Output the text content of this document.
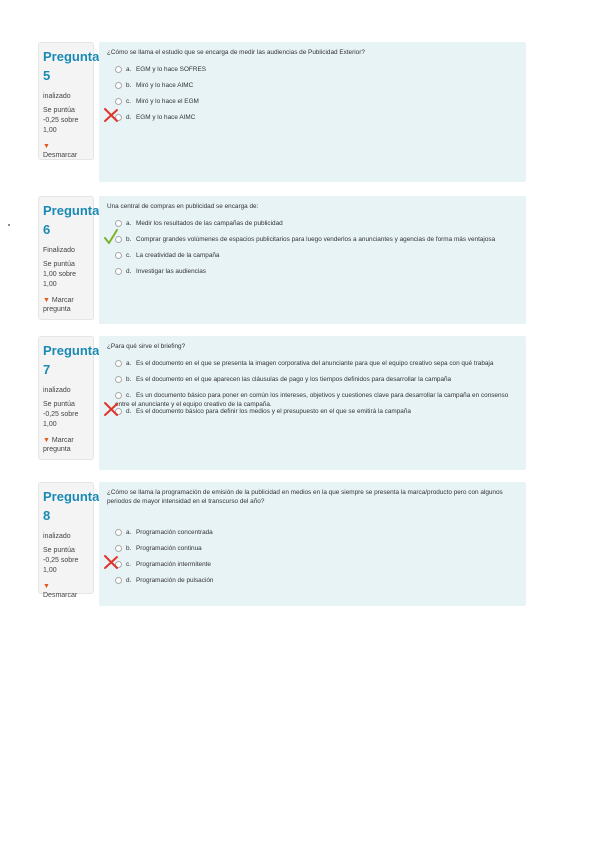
Pregunta
5
inalizado
Se puntúa -0,25 sobre 1,00
▼
Desmarcar
¿Cómo se llama el estudio que se encarga de medir las audiencias de Publicidad Exterior?
a. EGM y lo hace SOFRES
b. Miró y lo hace AIMC
c. Miró y lo hace el EGM
d. EGM y lo hace AIMC
Pregunta
6
Finalizado
Se puntúa 1,00 sobre 1,00
▼ Marcar pregunta
Una central de compras en publicidad se encarga de:
a. Medir los resultados de las campañas de publicidad
b. Comprar grandes volúmenes de espacios publicitarios para luego venderlos a anunciantes y agencias de forma más ventajosa
c. La creatividad de la campaña
d. Investigar las audiencias
Pregunta
7
inalizado
Se puntúa -0,25 sobre 1,00
▼ Marcar pregunta
¿Para qué sirve el briefing?
a. Es el documento en el que se presenta la imagen corporativa del anunciante para que el equipo creativo sepa con qué trabaja
b. Es el documento en el que aparecen las cláusulas de pago y los tiempos definidos para desarrollar la campaña
c. Es un documento básico para poner en común los intereses, objetivos y cuestiones clave para desarrollar la campaña en consenso entre el anunciante y el equipo creativo de la campaña.
d. Es el documento básico para definir los medios y el presupuesto en el que se emitirá la campaña
Pregunta
8
inalizado
Se puntúa -0,25 sobre 1,00
▼
Desmarcar
¿Cómo se llama la programación de emisión de la publicidad en medios en la que siempre se presenta la marca/producto pero con algunos periodos de mayor intensidad en el transcurso del año?
a. Programación concentrada
b. Programación continua
c. Programación intermitente
d. Programación de pulsación
